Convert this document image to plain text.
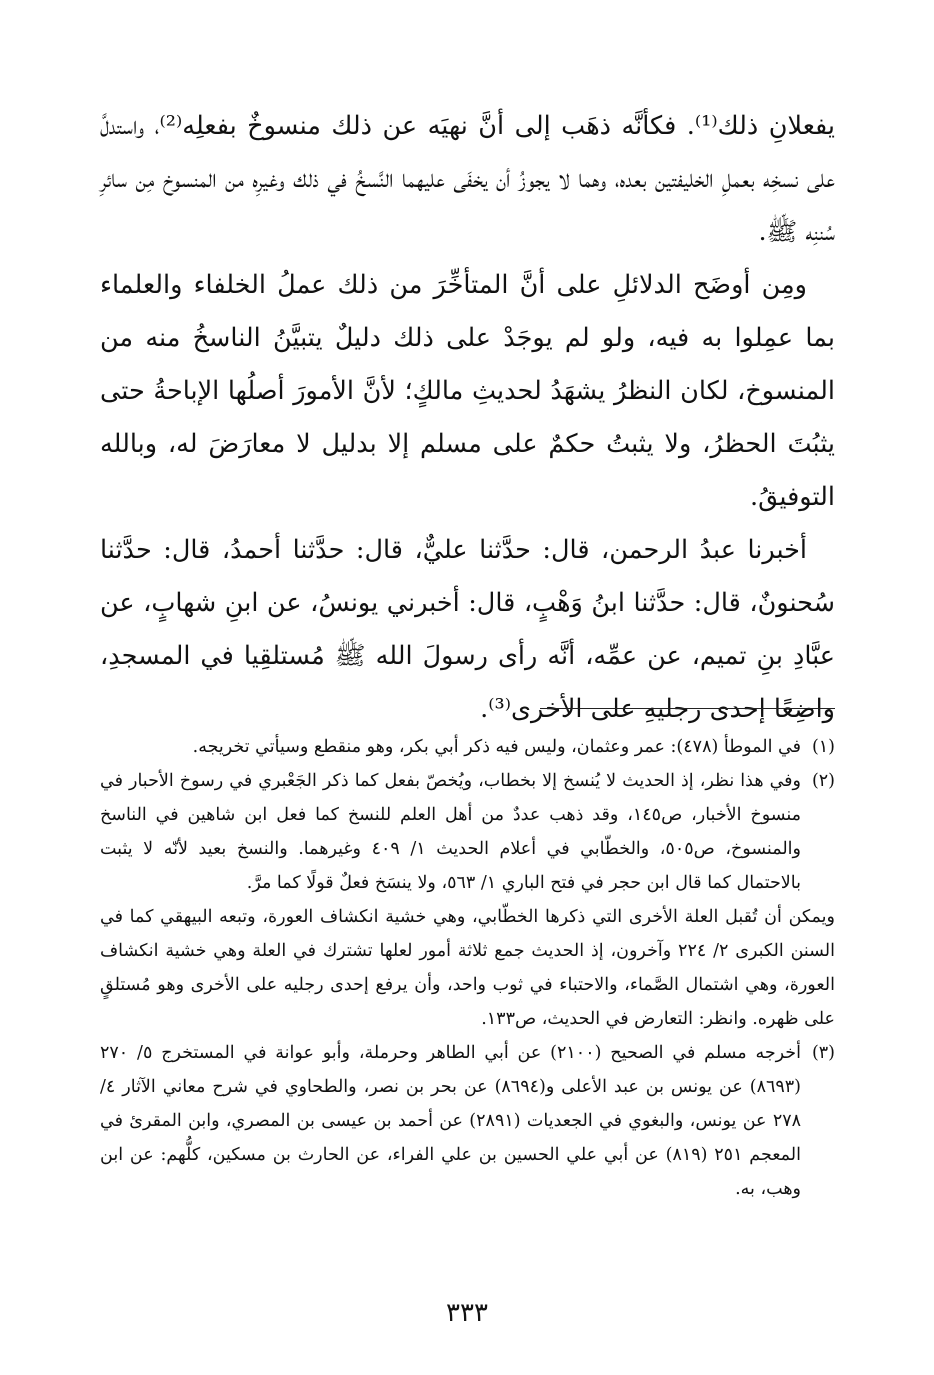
يفعلانِ ذلك⁽¹⁾. فكأنَّه ذهَب إلى أنَّ نهيَه عن ذلك منسوخٌ بفعلِه⁽²⁾، واستدلَّ على نسخِه بعملِ الخليفتين بعده، وهما لا يجوزُ أن يخفَى عليهما النَّسخُ في ذلك وغيرِه من المنسوخ مِن سائرِ سُننِه ﷺ.

ومِن أوضَح الدلائلِ على أنَّ المتأخِّرَ من ذلك عملُ الخلفاء والعلماء بما عمِلوا به فيه، ولو لم يوجَدْ على ذلك دليلٌ يتبيَّنُ الناسخُ منه من المنسوخ، لكان النظرُ يشهَدُ لحديثِ مالكٍ؛ لأنَّ الأمورَ أصلُها الإباحةُ حتى يثبُتَ الحظرُ، ولا يثبتُ حكمٌ على مسلم إلا بدليل لا معارَضَ له، وبالله التوفيقُ.

أخبرنا عبدُ الرحمن، قال: حدَّثنا عليٌّ، قال: حدَّثنا أحمدُ، قال: حدَّثنا سُحنونٌ، قال: حدَّثنا ابنُ وَهْبٍ، قال: أخبرني يونسُ، عن ابنِ شهابٍ، عن عبَّادِ بنِ تميم، عن عمِّه، أنَّه رأى رسولَ الله ﷺ مُستلقِيا في المسجدِ، واضِعًا إحدى رجليهِ على الأخرى⁽³⁾.

(١)

في الموطأ (٤٧٨): عمر وعثمان، وليس فيه ذكر أبي بكر، وهو منقطع وسيأتي تخريجه.

(٢)

وفي هذا نظر، إذ الحديث لا يُنسخ إلا بخطاب، ويُخصّ بفعل كما ذكر الجَعْبري في رسوخ الأحبار في منسوخ الأخبار، ص١٤٥، وقد ذهب عددٌ من أهل العلم للنسخ كما فعل ابن شاهين في الناسخ والمنسوخ، ص٥٠٥، والخطّابي في أعلام الحديث ١/ ٤٠٩ وغيرهما. والنسخ بعيد لأنّه لا يثبت بالاحتمال كما قال ابن حجر في فتح الباري ١/ ٥٦٣، ولا ينسَخ فعلٌ قولًا كما مرَّ.

ويمكن أن تُقبل العلة الأخرى التي ذكرها الخطّابي، وهي خشية انكشاف العورة، وتبعه البيهقي كما في السنن الكبرى ٢/ ٢٢٤ وآخرون، إذ الحديث جمع ثلاثة أمور لعلها تشترك في العلة وهي خشية انكشاف العورة، وهي اشتمال الصَّماء، والاحتباء في ثوب واحد، وأن يرفع إحدى رجليه على الأخرى وهو مُستلقٍ على ظهره. وانظر: التعارض في الحديث، ص١٣٣.

(٣)

أخرجه مسلم في الصحيح (٢١٠٠) عن أبي الطاهر وحرملة، وأبو عوانة في المستخرج ٥/ ٢٧٠ (٨٦٩٣) عن يونس بن عبد الأعلى و(٨٦٩٤) عن بحر بن نصر، والطحاوي في شرح معاني الآثار ٤/ ٢٧٨ عن يونس، والبغوي في الجعديات (٢٨٩١) عن أحمد بن عيسى بن المصري، وابن المقرئ في المعجم ٢٥١ (٨١٩) عن أبي علي الحسين بن علي الفراء، عن الحارث بن مسكين، كلُّهم: عن ابن وهب، به.

٣٣٣
